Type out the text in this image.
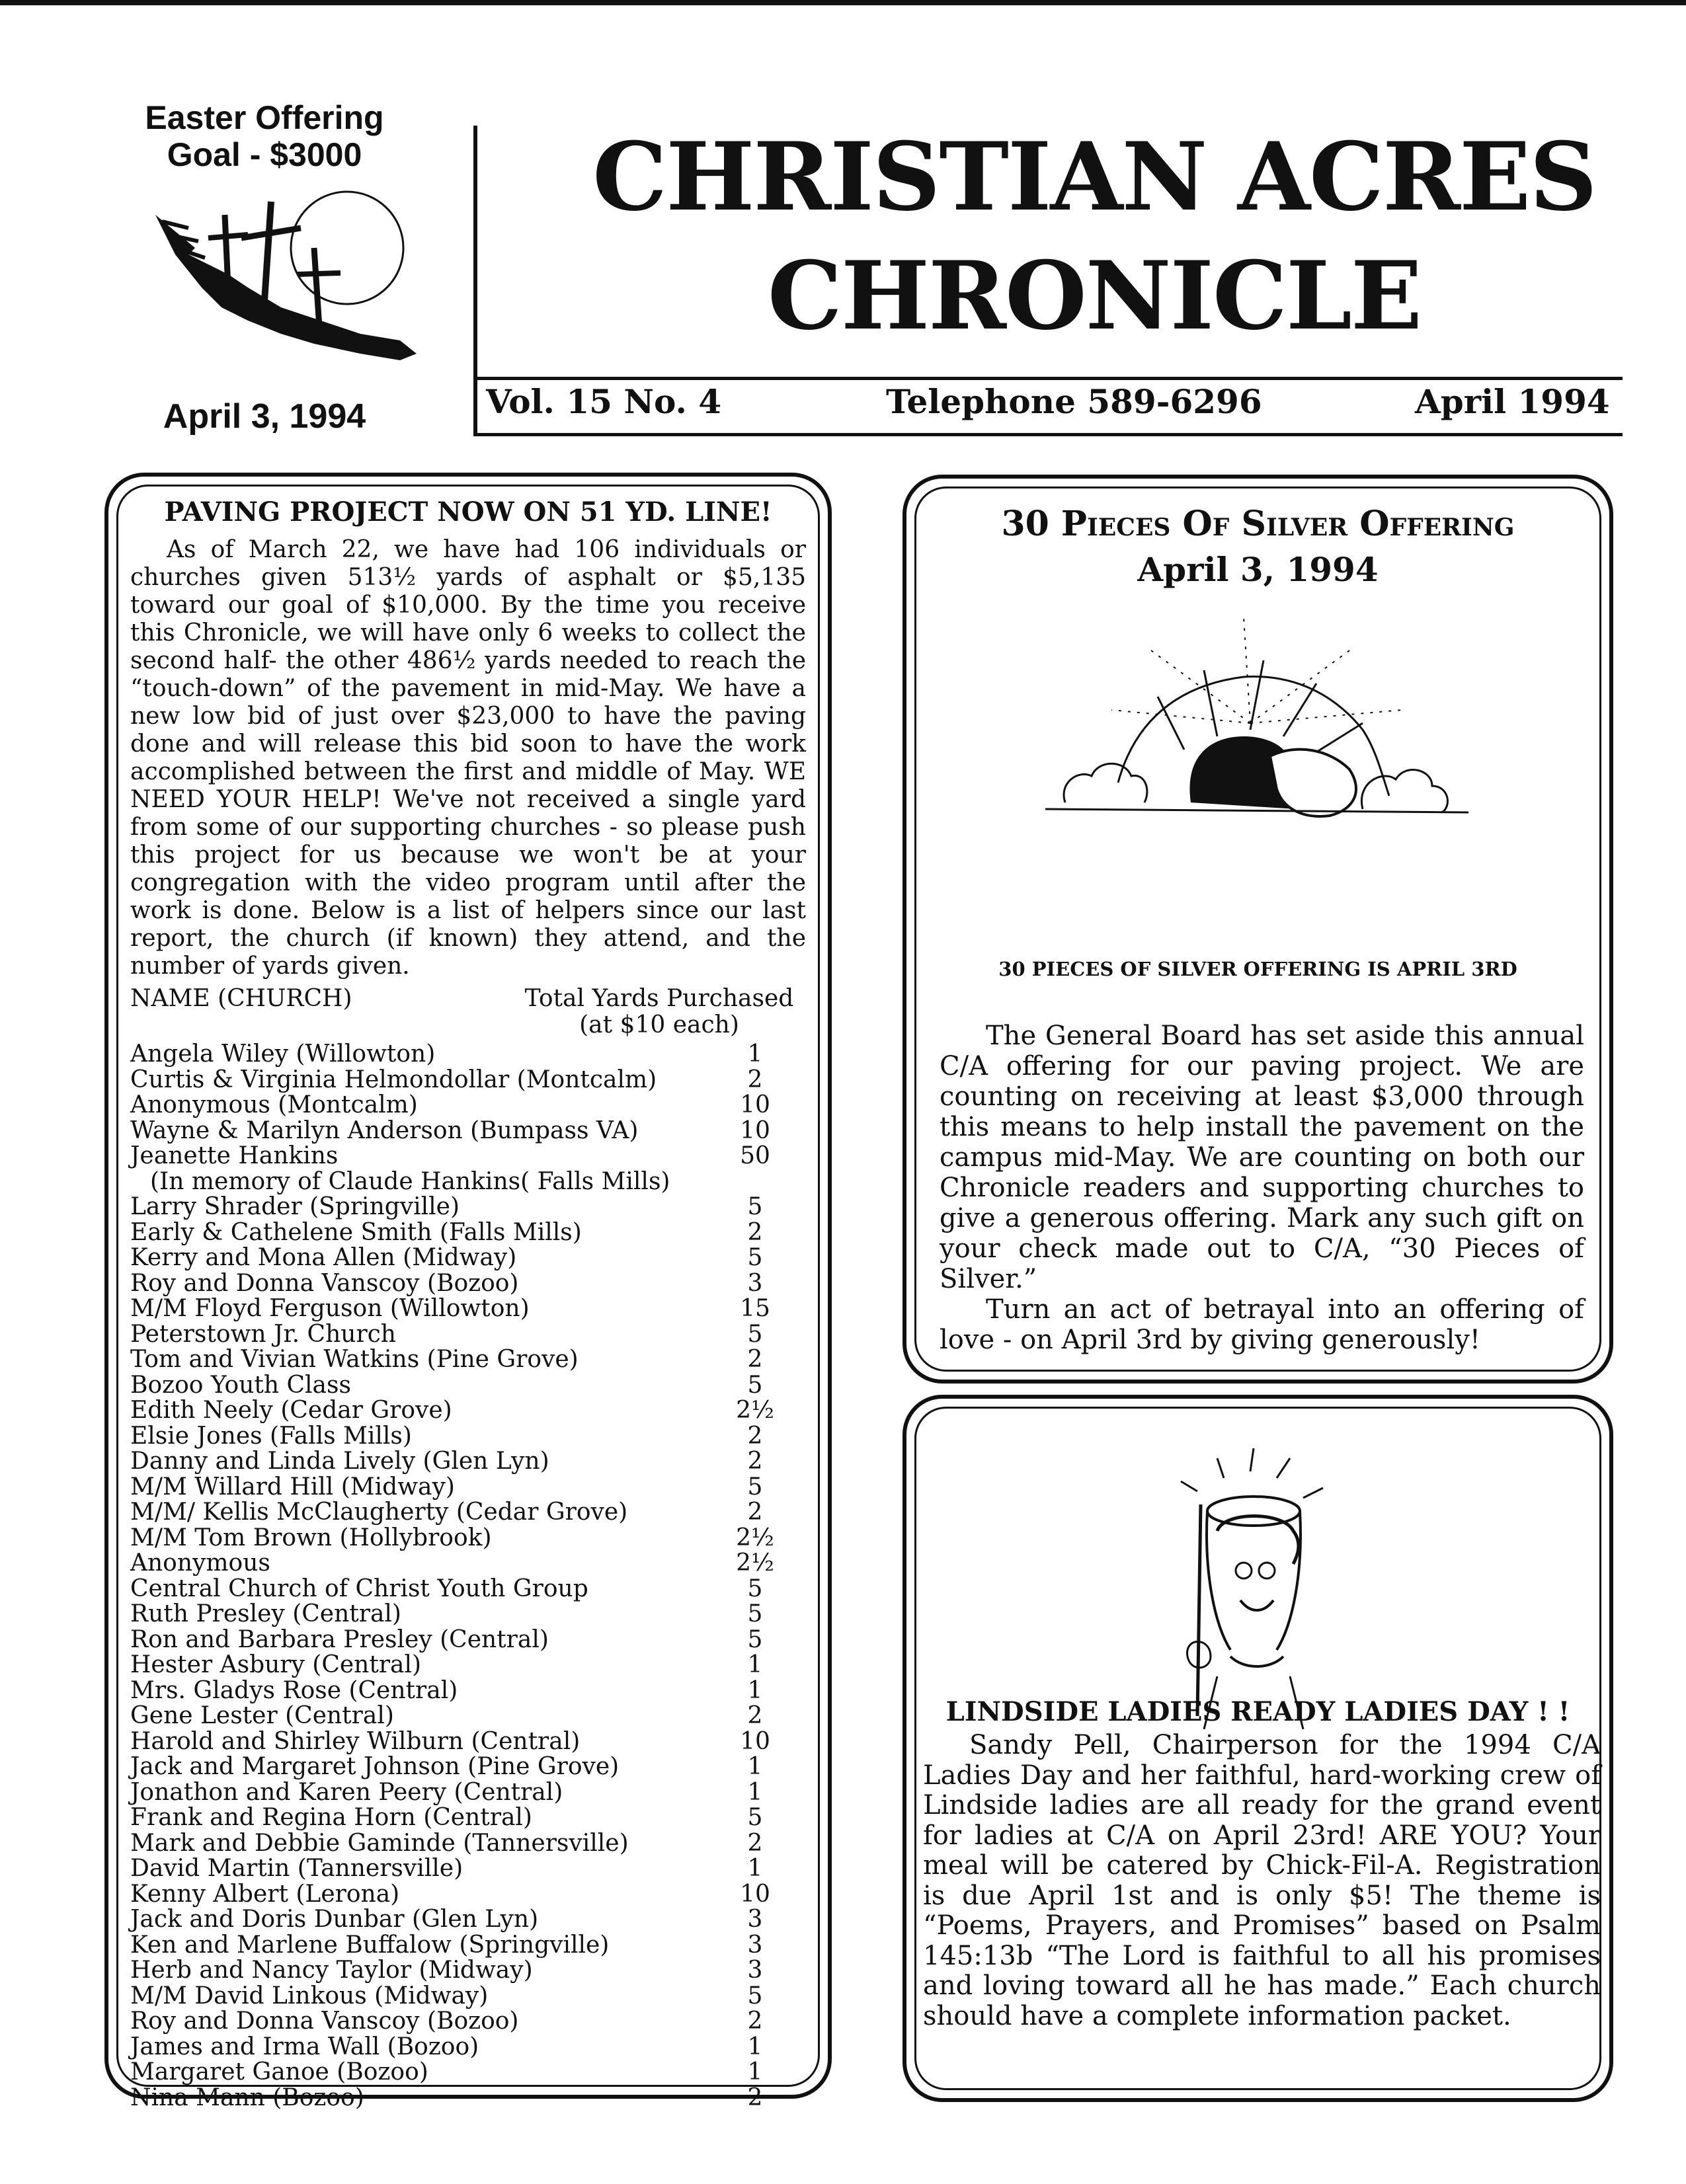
Easter Offering
Goal - $3000
April 3, 1994
CHRISTIAN ACRES
CHRONICLE
Vol. 15 No. 4	Telephone 589-6296	April 1994
PAVING PROJECT NOW ON 51 YD. LINE!
As of March 22, we have had 106 individuals or churches given 513½ yards of asphalt or $5,135 toward our goal of $10,000. By the time you receive this Chronicle, we will have only 6 weeks to collect the second half- the other 486½ yards needed to reach the “touch-down” of the pavement in mid-May. We have a new low bid of just over $23,000 to have the paving done and will release this bid soon to have the work accomplished between the first and middle of May. WE NEED YOUR HELP! We've not received a single yard from some of our supporting churches - so please push this project for us because we won't be at your congregation with the video program until after the work is done. Below is a list of helpers since our last report, the church (if known) they attend, and the number of yards given.
NAME (CHURCH)	Total Yards Purchased
(at $10 each)
Angela Wiley (Willowton)	1
Curtis & Virginia Helmondollar (Montcalm)	2
Anonymous (Montcalm)	10
Wayne & Marilyn Anderson (Bumpass VA)	10
Jeanette Hankins	50
(In memory of Claude Hankins( Falls Mills)
Larry Shrader (Springville)	5
Early & Cathelene Smith (Falls Mills)	2
Kerry and Mona Allen (Midway)	5
Roy and Donna Vanscoy (Bozoo)	3
M/M Floyd Ferguson (Willowton)	15
Peterstown Jr. Church	5
Tom and Vivian Watkins (Pine Grove)	2
Bozoo Youth Class	5
Edith Neely (Cedar Grove)	2½
Elsie Jones (Falls Mills)	2
Danny and Linda Lively (Glen Lyn)	2
M/M Willard Hill (Midway)	5
M/M/ Kellis McClaugherty (Cedar Grove)	2
M/M Tom Brown (Hollybrook)	2½
Anonymous	2½
Central Church of Christ Youth Group	5
Ruth Presley (Central)	5
Ron and Barbara Presley (Central)	5
Hester Asbury (Central)	1
Mrs. Gladys Rose (Central)	1
Gene Lester (Central)	2
Harold and Shirley Wilburn (Central)	10
Jack and Margaret Johnson (Pine Grove)	1
Jonathon and Karen Peery (Central)	1
Frank and Regina Horn (Central)	5
Mark and Debbie Gaminde (Tannersville)	2
David Martin (Tannersville)	1
Kenny Albert (Lerona)	10
Jack and Doris Dunbar (Glen Lyn)	3
Ken and Marlene Buffalow (Springville)	3
Herb and Nancy Taylor (Midway)	3
M/M David Linkous (Midway)	5
Roy and Donna Vanscoy (Bozoo)	2
James and Irma Wall (Bozoo)	1
Margaret Ganoe (Bozoo)	1
Nina Mann (Bozoo)	2
30 Pieces Of Silver Offering
April 3, 1994
30 PIECES OF SILVER OFFERING IS APRIL 3RD
The General Board has set aside this annual C/A offering for our paving project. We are counting on receiving at least $3,000 through this means to help install the pavement on the campus mid-May. We are counting on both our Chronicle readers and supporting churches to give a generous offering. Mark any such gift on your check made out to C/A, “30 Pieces of Silver.”
Turn an act of betrayal into an offering of love - on April 3rd by giving generously!
LINDSIDE LADIES READY LADIES DAY ! !
Sandy Pell, Chairperson for the 1994 C/A Ladies Day and her faithful, hard-working crew of Lindside ladies are all ready for the grand event for ladies at C/A on April 23rd! ARE YOU? Your meal will be catered by Chick-Fil-A. Registration is due April 1st and is only $5! The theme is “Poems, Prayers, and Promises” based on Psalm 145:13b “The Lord is faithful to all his promises and loving toward all he has made.” Each church should have a complete information packet.
